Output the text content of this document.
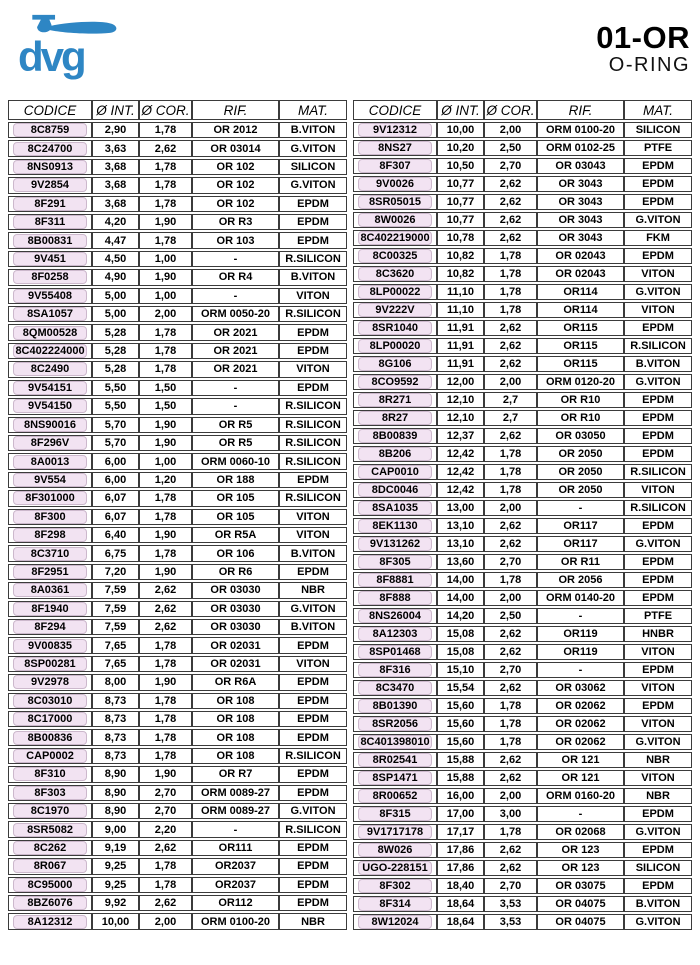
dvg	01-OR
O-RING
CODICE	Ø INT.	Ø COR.	RIF.	MAT.
8C8759	2,90	1,78	OR 2012	B.VITON
8C24700	3,63	2,62	OR 03014	G.VITON
8NS0913	3,68	1,78	OR 102	SILICON
9V2854	3,68	1,78	OR 102	G.VITON
8F291	3,68	1,78	OR 102	EPDM
8F311	4,20	1,90	OR R3	EPDM
8B00831	4,47	1,78	OR 103	EPDM
9V451	4,50	1,00	-	R.SILICON
8F0258	4,90	1,90	OR R4	B.VITON
9V55408	5,00	1,00	-	VITON
8SA1057	5,00	2,00	ORM 0050-20	R.SILICON
8QM00528	5,28	1,78	OR 2021	EPDM
8C402224000	5,28	1,78	OR 2021	EPDM
8C2490	5,28	1,78	OR 2021	VITON
9V54151	5,50	1,50	-	EPDM
9V54150	5,50	1,50	-	R.SILICON
8NS90016	5,70	1,90	OR R5	R.SILICON
8F296V	5,70	1,90	OR R5	R.SILICON
8A0013	6,00	1,00	ORM 0060-10	R.SILICON
9V554	6,00	1,20	OR 188	EPDM
8F301000	6,07	1,78	OR 105	R.SILICON
8F300	6,07	1,78	OR 105	VITON
8F298	6,40	1,90	OR R5A	VITON
8C3710	6,75	1,78	OR 106	B.VITON
8F2951	7,20	1,90	OR R6	EPDM
8A0361	7,59	2,62	OR 03030	NBR
8F1940	7,59	2,62	OR 03030	G.VITON
8F294	7,59	2,62	OR 03030	B.VITON
9V00835	7,65	1,78	OR 02031	EPDM
8SP00281	7,65	1,78	OR 02031	VITON
9V2978	8,00	1,90	OR R6A	EPDM
8C03010	8,73	1,78	OR 108	EPDM
8C17000	8,73	1,78	OR 108	EPDM
8B00836	8,73	1,78	OR 108	EPDM
CAP0002	8,73	1,78	OR 108	R.SILICON
8F310	8,90	1,90	OR R7	EPDM
8F303	8,90	2,70	ORM 0089-27	EPDM
8C1970	8,90	2,70	ORM 0089-27	G.VITON
8SR5082	9,00	2,20	-	R.SILICON
8C262	9,19	2,62	OR111	EPDM
8R067	9,25	1,78	OR2037	EPDM
8C95000	9,25	1,78	OR2037	EPDM
8BZ6076	9,92	2,62	OR112	EPDM
8A12312	10,00	2,00	ORM 0100-20	NBR
CODICE	Ø INT.	Ø COR.	RIF.	MAT.
9V12312	10,00	2,00	ORM 0100-20	SILICON
8NS27	10,20	2,50	ORM 0102-25	PTFE
8F307	10,50	2,70	OR 03043	EPDM
9V0026	10,77	2,62	OR 3043	EPDM
8SR05015	10,77	2,62	OR 3043	EPDM
8W0026	10,77	2,62	OR 3043	G.VITON
8C402219000	10,78	2,62	OR 3043	FKM
8C00325	10,82	1,78	OR 02043	EPDM
8C3620	10,82	1,78	OR 02043	VITON
8LP00022	11,10	1,78	OR114	G.VITON
9V222V	11,10	1,78	OR114	VITON
8SR1040	11,91	2,62	OR115	EPDM
8LP00020	11,91	2,62	OR115	R.SILICON
8G106	11,91	2,62	OR115	B.VITON
8CO9592	12,00	2,00	ORM 0120-20	G.VITON
8R271	12,10	2,7	OR R10	EPDM
8R27	12,10	2,7	OR R10	EPDM
8B00839	12,37	2,62	OR 03050	EPDM
8B206	12,42	1,78	OR 2050	EPDM
CAP0010	12,42	1,78	OR 2050	R.SILICON
8DC0046	12,42	1,78	OR 2050	VITON
8SA1035	13,00	2,00	-	R.SILICON
8EK1130	13,10	2,62	OR117	EPDM
9V131262	13,10	2,62	OR117	G.VITON
8F305	13,60	2,70	OR R11	EPDM
8F8881	14,00	1,78	OR 2056	EPDM
8F888	14,00	2,00	ORM 0140-20	EPDM
8NS26004	14,20	2,50	-	PTFE
8A12303	15,08	2,62	OR119	HNBR
8SP01468	15,08	2,62	OR119	VITON
8F316	15,10	2,70	-	EPDM
8C3470	15,54	2,62	OR 03062	VITON
8B01390	15,60	1,78	OR 02062	EPDM
8SR2056	15,60	1,78	OR 02062	VITON
8C401398010	15,60	1,78	OR 02062	G.VITON
8R02541	15,88	2,62	OR 121	NBR
8SP1471	15,88	2,62	OR 121	VITON
8R00652	16,00	2,00	ORM 0160-20	NBR
8F315	17,00	3,00	-	EPDM
9V1717178	17,17	1,78	OR 02068	G.VITON
8W026	17,86	2,62	OR 123	EPDM
UGO-228151	17,86	2,62	OR 123	SILICON
8F302	18,40	2,70	OR 03075	EPDM
8F314	18,64	3,53	OR 04075	B.VITON
8W12024	18,64	3,53	OR 04075	G.VITON
